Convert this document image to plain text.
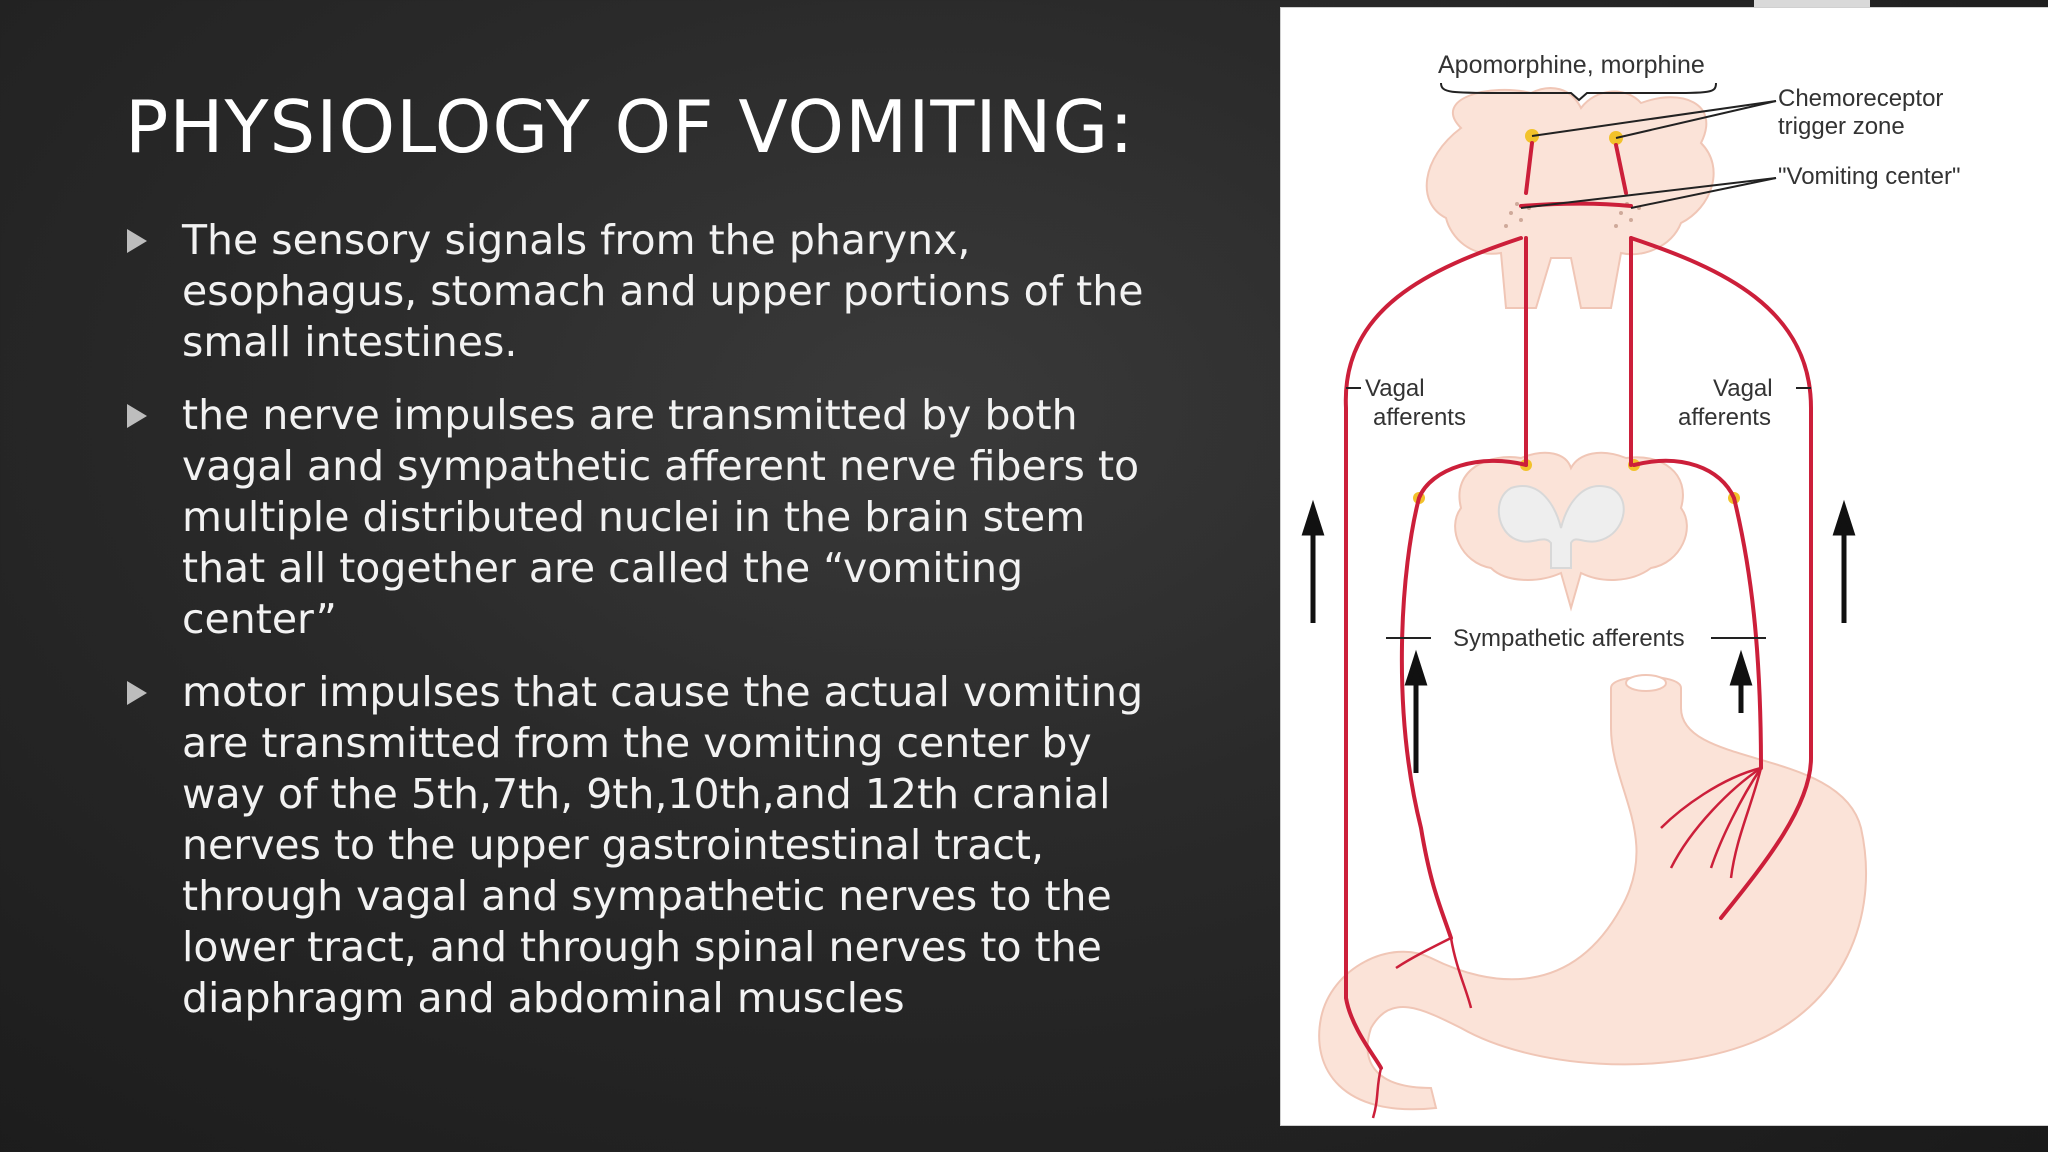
PHYSIOLOGY OF VOMITING:
The sensory signals from the pharynx, esophagus, stomach and upper portions of the small intestines.
the nerve impulses are transmitted by both vagal and sympathetic afferent nerve fibers to multiple distributed nuclei in the brain stem that all together are called the “vomiting center”
motor impulses that cause the actual vomiting are transmitted from the vomiting center by way of the 5th,7th, 9th,10th,and 12th cranial nerves to the upper gastrointestinal tract, through vagal and sympathetic nerves to the lower tract, and through spinal nerves to the diaphragm and abdominal muscles
Apomorphine, morphine
Chemoreceptor
trigger zone
"Vomiting center"
Vagal
afferents
Vagal
afferents
Sympathetic afferents
